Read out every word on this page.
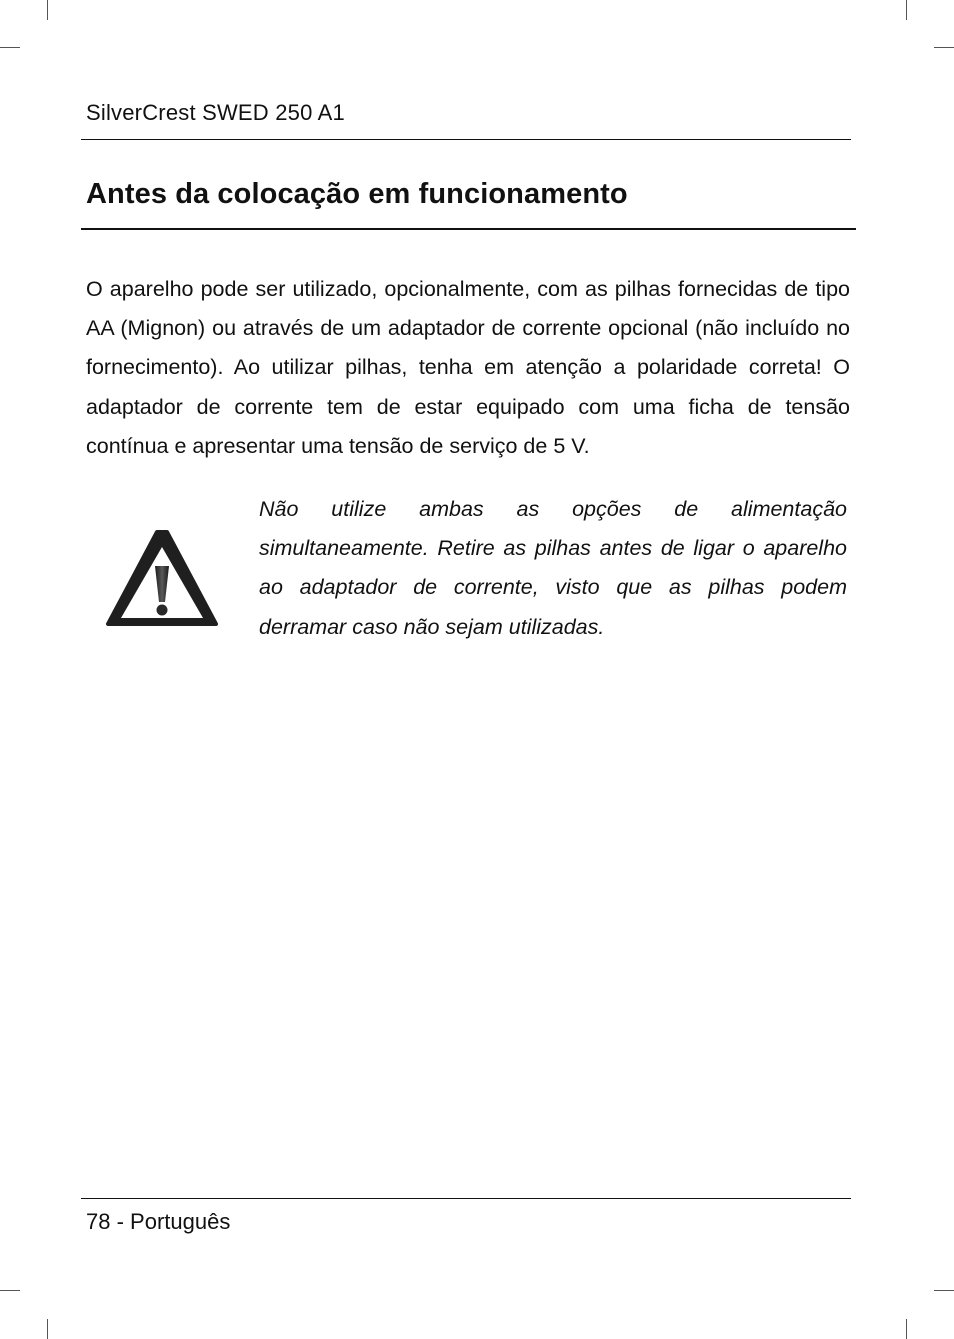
SilverCrest SWED 250 A1
Antes da colocação em funcionamento

O aparelho pode ser utilizado, opcionalmente, com as pilhas fornecidas de tipo AA (Mignon) ou através de um adaptador de corrente opcional (não incluído no fornecimento). Ao utilizar pilhas, tenha em atenção a polaridade correta! O adaptador de corrente tem de estar equipado com uma ficha de tensão contínua e apresentar uma tensão de serviço de 5 V.

Não utilize ambas as opções de alimentação simultaneamente. Retire as pilhas antes de ligar o aparelho ao adaptador de corrente, visto que as pilhas podem derramar caso não sejam utilizadas.

78 - Português
